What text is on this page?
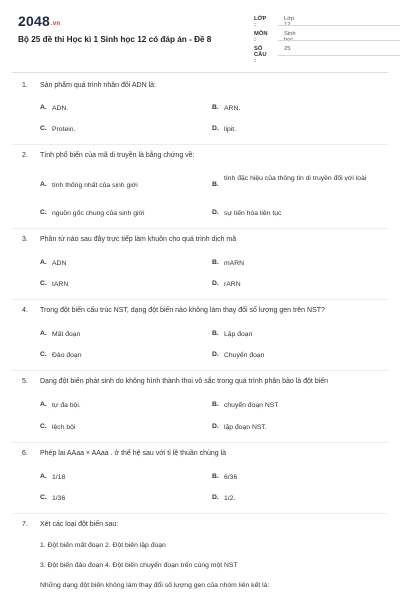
2048.vn
Bộ 25 đề thi Học kì 1 Sinh học 12 có đáp án - Đề 8
LỚP :
Lớp 12
MÔN :
Sinh học
SỐ CÂU :
25
1. Sản phẩm quá trình nhân đôi ADN là:
A. ADN.	B. ARN.
C. Protein.	D. lipit.
2. Tính phổ biến của mã di truyền là bằng chứng về:
A. tính thống nhất của sinh giới	B.
tính đặc hiệu của thông tin di truyền đối với loài
C. nguồn gốc chung của sinh giới	D. sự tiến hóa liên tục
3. Phân tử nào sau đây trực tiếp làm khuôn cho quá trình dịch mã
A. ADN	B. mARN
C. tARN	D. rARN
4. Trong đột biến cấu trúc NST, dạng đột biến nào không làm thay đổi số lượng gen trên NST?
A. Mất đoạn	B. Lặp đoạn
C. Đảo đoạn	D. Chuyển đoạn
5. Dạng đột biến phát sinh do không hình thành thoi vô sắc trong quá trình phân bào là đột biến
A. tự đa bội.	B. chuyển đoạn NST
C. lệch bội	D. lặp đoạn NST.
6. Phép lai AAaa × AAaa . ở thế hệ sau với tỉ lệ thuần chủng là
A. 1/18	B. 6/36
C. 1/36	D. 1/2.
7. Xét các loại đột biến sau:
1. Đột biến mất đoạn 2. Đột biến lặp đoạn
3. Đột biến đảo đoạn 4. Đột biến chuyển đoạn trên cùng một NST
Những dạng đột biến không làm thay đổi số lượng gen của nhóm liên kết là:
